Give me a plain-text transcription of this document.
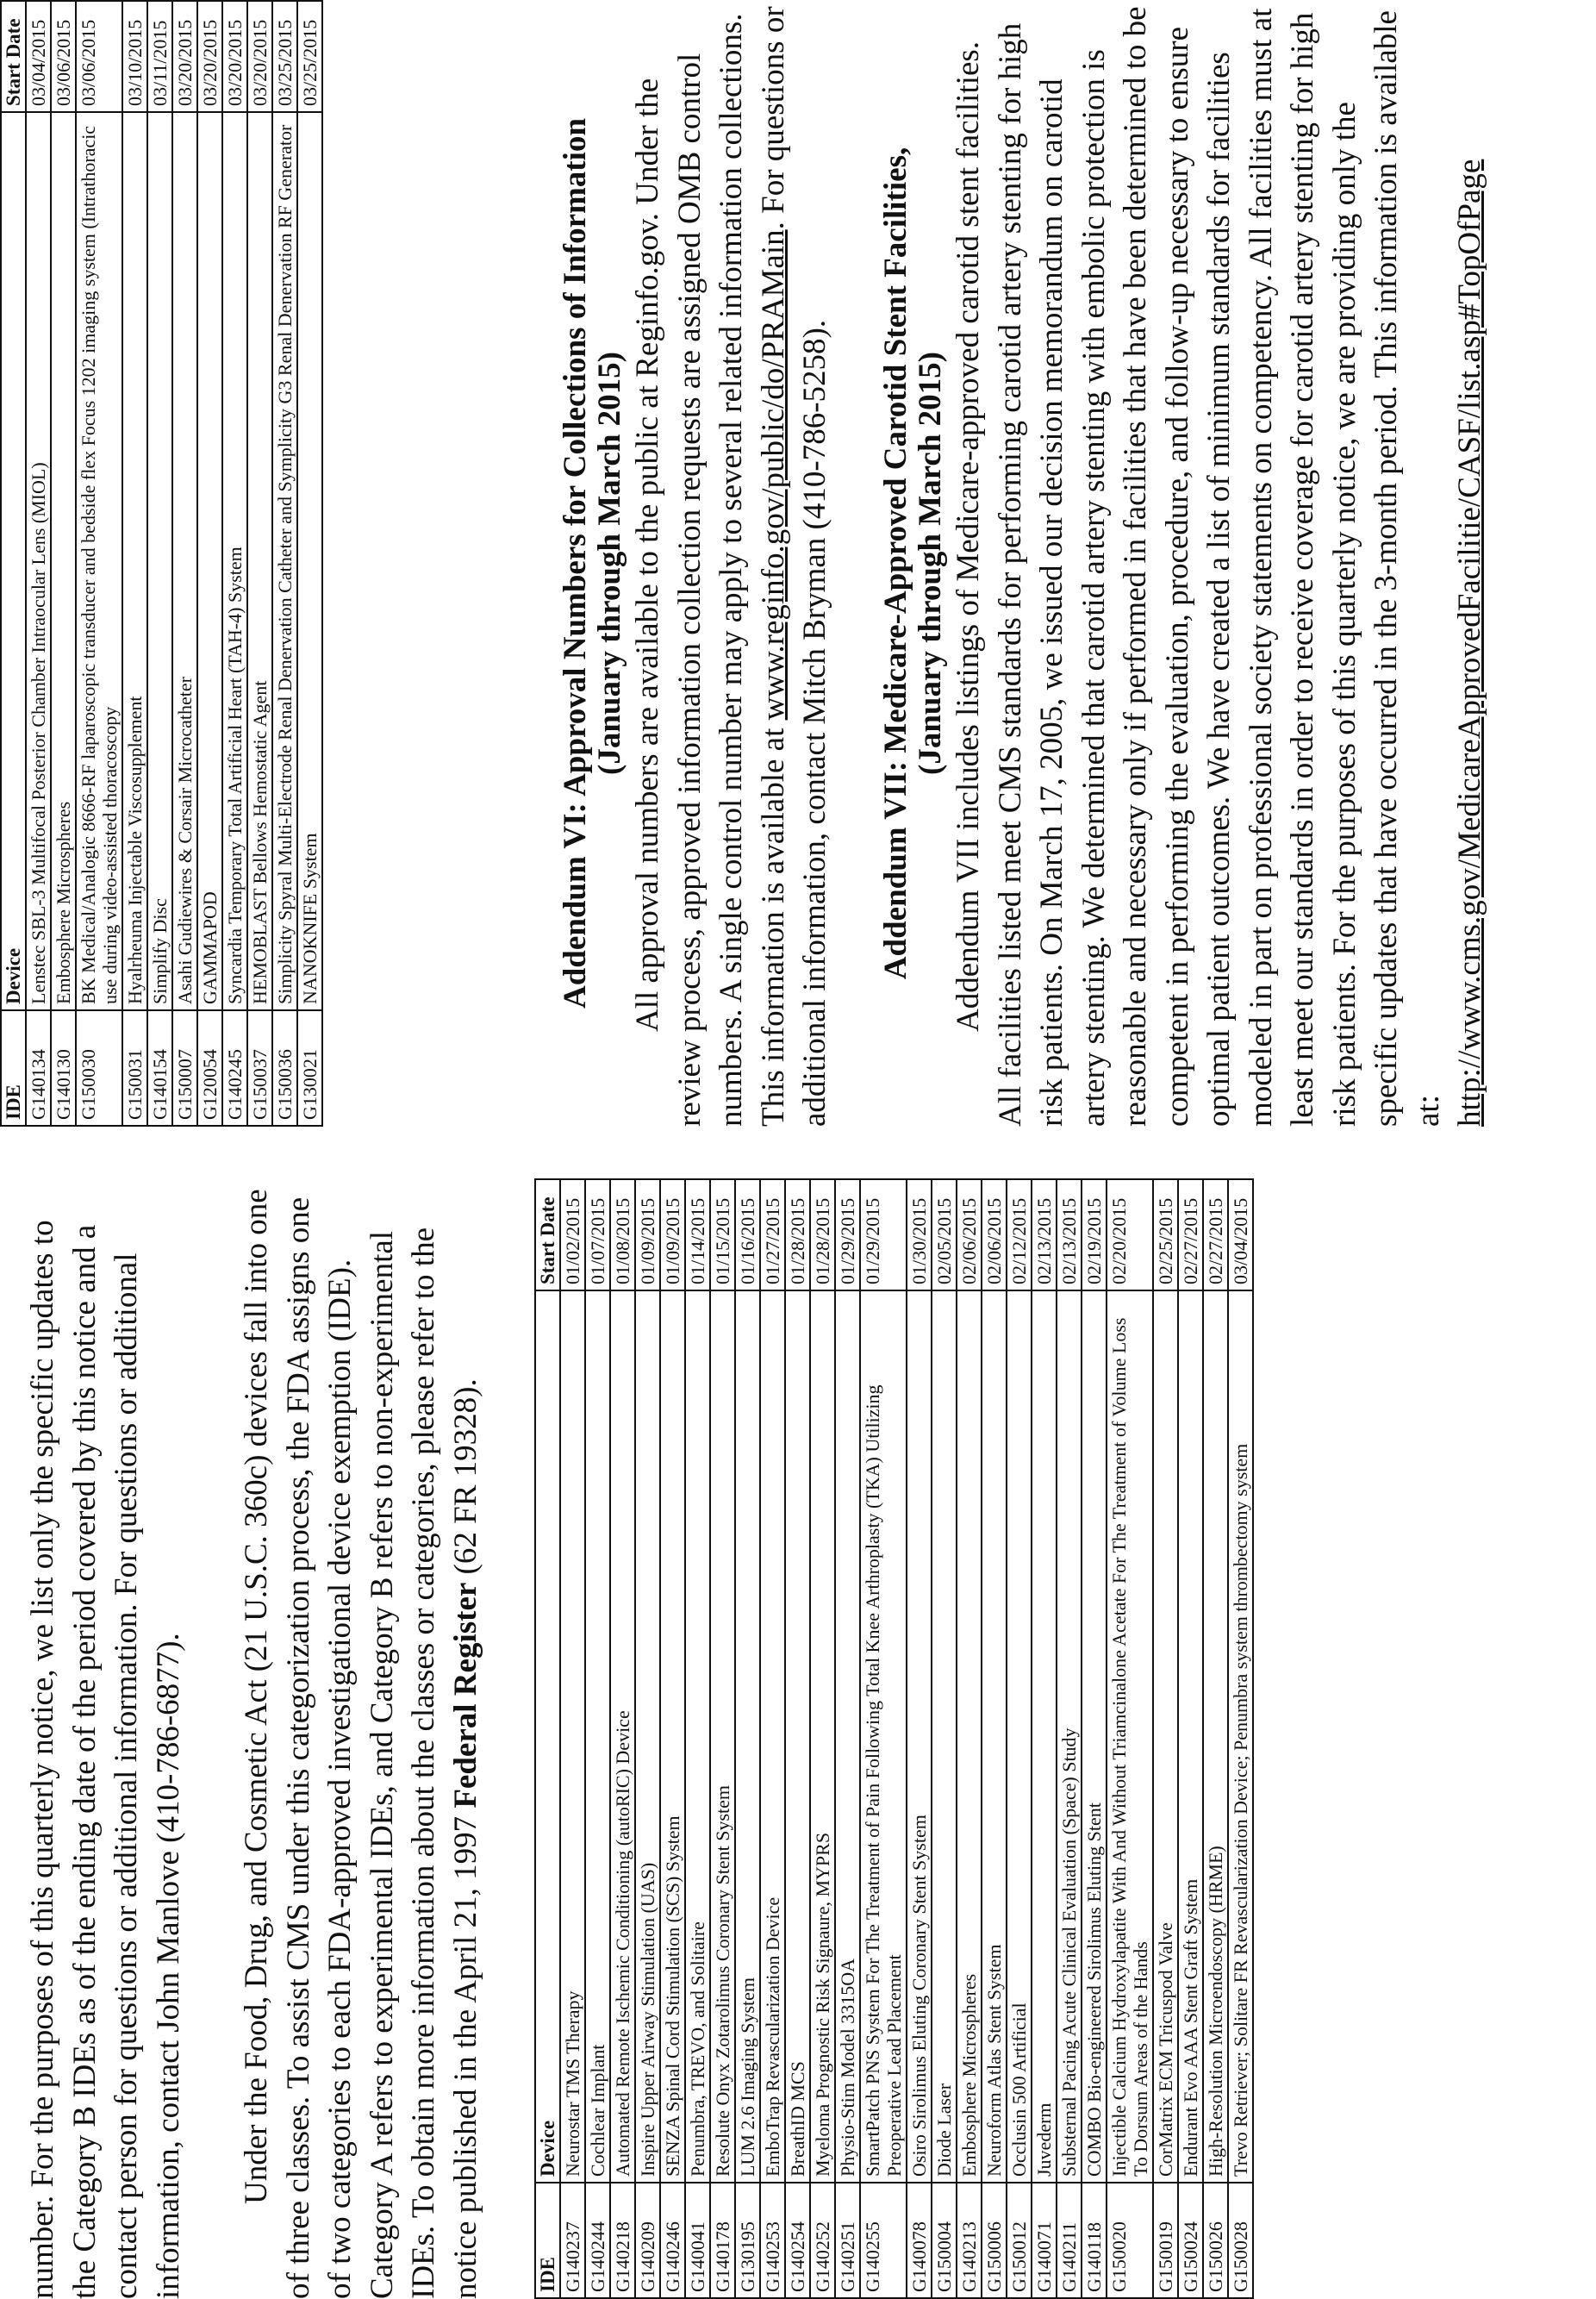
number. For the purposes of this quarterly notice, we list only the specific updates to the Category B IDEs as of the ending date of the period covered by this notice and a contact person for questions or additional information. For questions or additional information, contact John Manlove (410-786-6877). Under the Food, Drug, and Cosmetic Act (21 U.S.C. 360c) devices fall into one of three classes. To assist CMS under this categorization process, the FDA assigns one of two categories to each FDA-approved investigational device exemption (IDE). Category A refers to experimental IDEs, and Category B refers to non-experimental IDEs. To obtain more information about the classes or categories, please refer to the notice published in the April 21, 1997 Federal Register (62 FR 19328).

IDE	Device	Start Date
G140237	Neurostar TMS Therapy	01/02/2015
G140244	Cochlear Implant	01/07/2015
G140218	Automated Remote Ischemic Conditioning (autoRIC) Device	01/08/2015
G140209	Inspire Upper Airway Stimulation (UAS)	01/09/2015
G140246	SENZA Spinal Cord Stimulation (SCS) System	01/09/2015
G140041	Penumbra, TREVO, and Solitaire	01/14/2015
G140178	Resolute Onyx Zotarolimus Coronary Stent System	01/15/2015
G130195	LUM 2.6 Imaging System	01/16/2015
G140253	EmboTrap Revascularization Device	01/27/2015
G140254	BreathID MCS	01/28/2015
G140252	Myeloma Prognostic Risk Signaure, MYPRS	01/28/2015
G140251	Physio-Stim Model 3315OA	01/29/2015
G140255	SmartPatch PNS System For The Treatment of Pain Following Total Knee Arthroplasty (TKA) Utilizing Preoperative Lead Placement	01/29/2015
G140078	Osiro Sirolimus Eluting Coronary Stent System	01/30/2015
G150004	Diode Laser	02/05/2015
G140213	Embosphere Microspheres	02/06/2015
G150006	Neuroform Atlas Stent System	02/06/2015
G150012	Occlusin 500 Artificial	02/12/2015
G140071	Juvederm	02/13/2015
G140211	Substernal Pacing Acute Clinical Evaluation (Space) Study	02/13/2015
G140118	COMBO Bio-engineered Sirolimus Eluting Stent	02/19/2015
G150020	Injectible Calcium Hydroxylapatite With And Without Triamcinalone Acetate For The Treatment of Volume Loss To Dorsum Areas of the Hands	02/20/2015
G150019	CorMatrix ECM Tricuspod Valve	02/25/2015
G150024	Endurant Evo AAA Stent Graft System	02/27/2015
G150026	High-Resolution Microendoscopy (HRME)	02/27/2015
G150028	Trevo Retriever; Solitare FR Revascularization Device; Penumbra system thrombectomy system	03/04/2015
IDE	Device	Start Date
G140134	Lenstec SBL-3 Multifocal Posterior Chamber Intraocular Lens (MIOL)	03/04/2015
G140130	Embosphere Microspheres	03/06/2015
G150030	BK Medical/Analogic 8666-RF laparoscopic transducer and bedside flex Focus 1202 imaging system (Intrathoracic use during video-assisted thoracoscopy	03/06/2015
G150031	Hyalrheuma Injectable Viscosupplement	03/10/2015
G140154	Simplify Disc	03/11/2015
G150007	Asahi Gudiewires & Corsair Microcatheter	03/20/2015
G120054	GAMMAPOD	03/20/2015
G140245	Syncardia Temporary Total Artificial Heart (TAH-4) System	03/20/2015
G150037	HEMOBLAST Bellows Hemostatic Agent	03/20/2015
G150036	Simplicity Spyral Multi-Electrode Renal Denervation Catheter and Symplicity G3 Renal Denervation RF Generator	03/25/2015
G130021	NANOKNIFE System	03/25/2015
Addendum VI: Approval Numbers for Collections of Information (January through March 2015) All approval numbers are available to the public at Reginfo.gov. Under the review process, approved information collection requests are assigned OMB control numbers. A single control number may apply to several related information collections. This information is available at www.reginfo.gov/public/do/PRAMain. For questions or additional information, contact Mitch Bryman (410-786-5258). Addendum VII: Medicare-Approved Carotid Stent Facilities, (January through March 2015) Addendum VII includes listings of Medicare-approved carotid stent facilities. All facilities listed meet CMS standards for performing carotid artery stenting for high risk patients. On March 17, 2005, we issued our decision memorandum on carotid artery stenting. We determined that carotid artery stenting with embolic protection is reasonable and necessary only if performed in facilities that have been determined to be competent in performing the evaluation, procedure, and follow-up necessary to ensure optimal patient outcomes. We have created a list of minimum standards for facilities modeled in part on professional society statements on competency. All facilities must at least meet our standards in order to receive coverage for carotid artery stenting for high risk patients. For the purposes of this quarterly notice, we are providing only the specific updates that have occurred in the 3-month period. This information is available at: http://www.cms.gov/MedicareApprovedFacilitie/CASF/list.asp#TopOfPage
